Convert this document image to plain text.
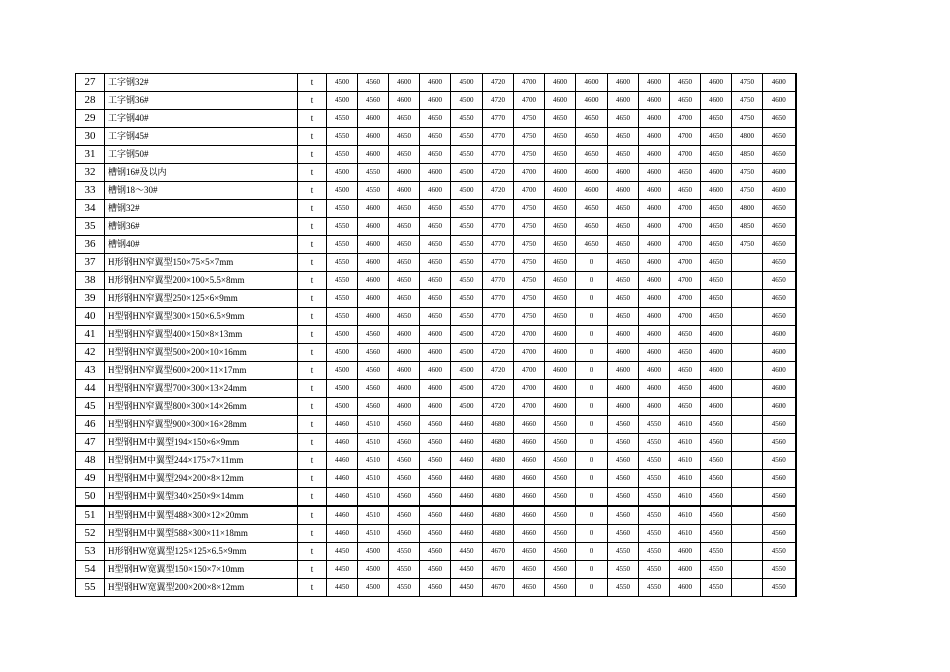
27	工字钢32#	t	4500	4560	4600	4600	4500	4720	4700	4600	4600	4600	4600	4650	4600	4750	4600
28	工字钢36#	t	4500	4560	4600	4600	4500	4720	4700	4600	4600	4600	4600	4650	4600	4750	4600
29	工字钢40#	t	4550	4600	4650	4650	4550	4770	4750	4650	4650	4650	4600	4700	4650	4750	4650
30	工字钢45#	t	4550	4600	4650	4650	4550	4770	4750	4650	4650	4650	4600	4700	4650	4800	4650
31	工字钢50#	t	4550	4600	4650	4650	4550	4770	4750	4650	4650	4650	4600	4700	4650	4850	4650
32	槽钢16#及以内	t	4500	4550	4600	4600	4500	4720	4700	4600	4600	4600	4600	4650	4600	4750	4600
33	槽钢18～30#	t	4500	4550	4600	4600	4500	4720	4700	4600	4600	4600	4600	4650	4600	4750	4600
34	槽钢32#	t	4550	4600	4650	4650	4550	4770	4750	4650	4650	4650	4600	4700	4650	4800	4650
35	槽钢36#	t	4550	4600	4650	4650	4550	4770	4750	4650	4650	4650	4600	4700	4650	4850	4650
36	槽钢40#	t	4550	4600	4650	4650	4550	4770	4750	4650	4650	4650	4600	4700	4650	4750	4650
37	H形钢HN窄翼型150×75×5×7mm	t	4550	4600	4650	4650	4550	4770	4750	4650	0	4650	4600	4700	4650		4650
38	H形钢HN窄翼型200×100×5.5×8mm	t	4550	4600	4650	4650	4550	4770	4750	4650	0	4650	4600	4700	4650		4650
39	H形钢HN窄翼型250×125×6×9mm	t	4550	4600	4650	4650	4550	4770	4750	4650	0	4650	4600	4700	4650		4650
40	H型钢HN窄翼型300×150×6.5×9mm	t	4550	4600	4650	4650	4550	4770	4750	4650	0	4650	4600	4700	4650		4650
41	H型钢HN窄翼型400×150×8×13mm	t	4500	4560	4600	4600	4500	4720	4700	4600	0	4600	4600	4650	4600		4600
42	H型钢HN窄翼型500×200×10×16mm	t	4500	4560	4600	4600	4500	4720	4700	4600	0	4600	4600	4650	4600		4600
43	H型钢HN窄翼型600×200×11×17mm	t	4500	4560	4600	4600	4500	4720	4700	4600	0	4600	4600	4650	4600		4600
44	H型钢HN窄翼型700×300×13×24mm	t	4500	4560	4600	4600	4500	4720	4700	4600	0	4600	4600	4650	4600		4600
45	H型钢HN窄翼型800×300×14×26mm	t	4500	4560	4600	4600	4500	4720	4700	4600	0	4600	4600	4650	4600		4600
46	H型钢HN窄翼型900×300×16×28mm	t	4460	4510	4560	4560	4460	4680	4660	4560	0	4560	4550	4610	4560		4560
47	H型钢HM中翼型194×150×6×9mm	t	4460	4510	4560	4560	4460	4680	4660	4560	0	4560	4550	4610	4560		4560
48	H型钢HM中翼型244×175×7×11mm	t	4460	4510	4560	4560	4460	4680	4660	4560	0	4560	4550	4610	4560		4560
49	H型钢HM中翼型294×200×8×12mm	t	4460	4510	4560	4560	4460	4680	4660	4560	0	4560	4550	4610	4560		4560
50	H型钢HM中翼型340×250×9×14mm	t	4460	4510	4560	4560	4460	4680	4660	4560	0	4560	4550	4610	4560		4560
51	H型钢HM中翼型488×300×12×20mm	t	4460	4510	4560	4560	4460	4680	4660	4560	0	4560	4550	4610	4560		4560
52	H型钢HM中翼型588×300×11×18mm	t	4460	4510	4560	4560	4460	4680	4660	4560	0	4560	4550	4610	4560		4560
53	H形钢HW宽翼型125×125×6.5×9mm	t	4450	4500	4550	4560	4450	4670	4650	4560	0	4550	4550	4600	4550		4550
54	H型钢HW宽翼型150×150×7×10mm	t	4450	4500	4550	4560	4450	4670	4650	4560	0	4550	4550	4600	4550		4550
55	H型钢HW宽翼型200×200×8×12mm	t	4450	4500	4550	4560	4450	4670	4650	4560	0	4550	4550	4600	4550		4550
